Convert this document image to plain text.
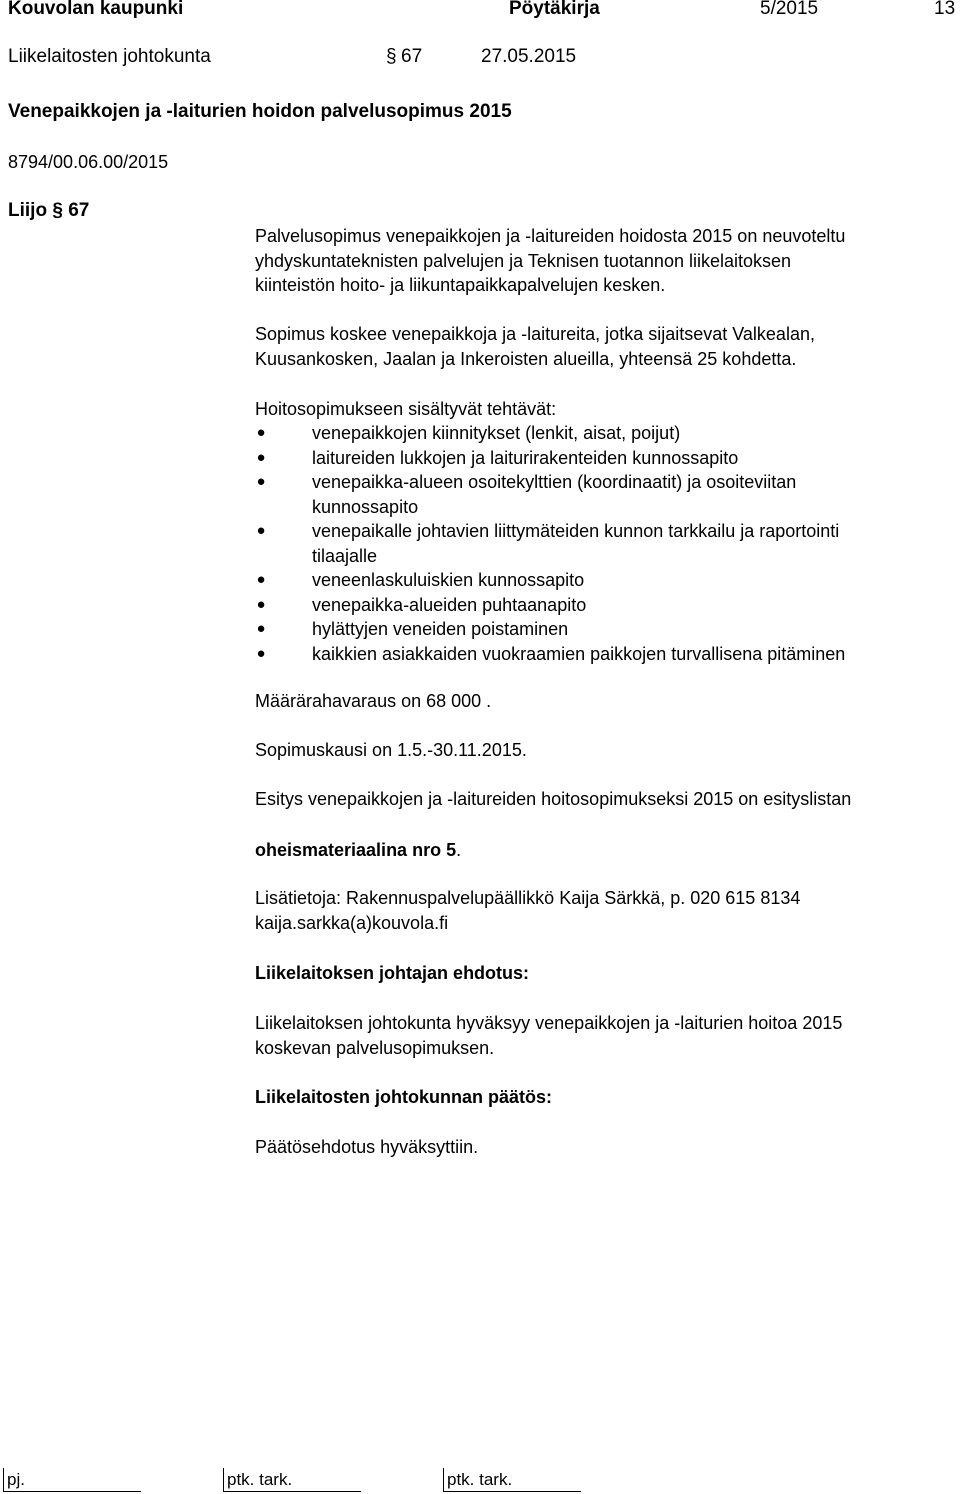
Kouvolan kaupunki	Pöytäkirja	5/2015	13
Liikelaitosten johtokunta	§ 67	27.05.2015
Venepaikkojen ja -laiturien hoidon palvelusopimus 2015
8794/00.06.00/2015
Liijo § 67

Palvelusopimus venepaikkojen ja -laitureiden hoidosta 2015 on neuvoteltu

yhdyskuntateknisten palvelujen ja Teknisen tuotannon liikelaitoksen

kiinteistön hoito- ja liikuntapaikkapalvelujen kesken.

Sopimus koskee venepaikkoja ja -laitureita, jotka sijaitsevat Valkealan,

Kuusankosken, Jaalan ja Inkeroisten alueilla, yhteensä 25 kohdetta.

Hoitosopimukseen sisältyvät tehtävät:

●	venepaikkojen kiinnitykset (lenkit, aisat, poijut)
●	laitureiden lukkojen ja laiturirakenteiden kunnossapito
●	venepaikka-alueen osoitekylttien (koordinaatit) ja osoiteviitan
kunnossapito
●	venepaikalle johtavien liittymäteiden kunnon tarkkailu ja raportointi
tilaajalle
●	veneenlaskuluiskien kunnossapito
●	venepaikka-alueiden puhtaanapito
●	hylättyjen veneiden poistaminen
●	kaikkien asiakkaiden vuokraamien paikkojen turvallisena pitäminen
Määrärahavaraus on 68 000 .
Sopimuskausi on 1.5.-30.11.2015.
Esitys venepaikkojen ja -laitureiden hoitosopimukseksi 2015 on esityslistan
oheismateriaalina nro 5.

Lisätietoja: Rakennuspalvelupäällikkö Kaija Särkkä, p. 020 615 8134

kaija.sarkka(a)kouvola.fi

Liikelaitoksen johtajan ehdotus:

Liikelaitoksen johtokunta hyväksyy venepaikkojen ja -laiturien hoitoa 2015

koskevan palvelusopimuksen.

Liikelaitosten johtokunnan päätös:
Päätösehdotus hyväksyttiin.
pj.	ptk. tark.	ptk. tark.
